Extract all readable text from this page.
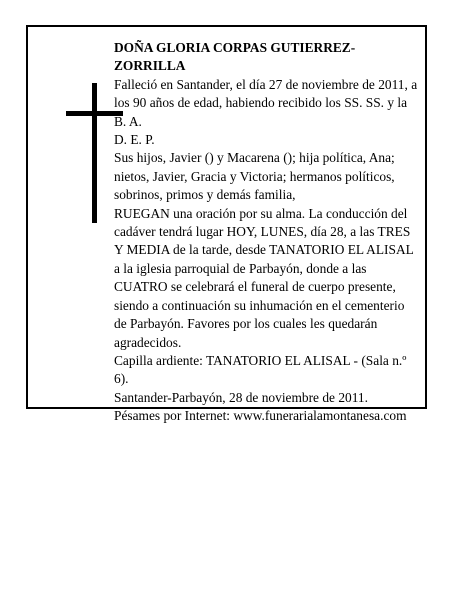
DOÑA GLORIA CORPAS GUTIERREZ-ZORRILLA

Falleció en Santander, el día 27 de noviembre de 2011, a los 90 años de edad, habiendo recibido los SS. SS. y la B. A.

D. E. P.

Sus hijos, Javier () y Macarena (); hija política, Ana; nietos, Javier, Gracia y Victoria; hermanos políticos, sobrinos, primos y demás familia,

RUEGAN una oración por su alma. La conducción del cadáver tendrá lugar HOY, LUNES, día 28, a las TRES Y MEDIA de la tarde, desde TANATORIO EL ALISAL a la iglesia parroquial de Parbayón, donde a las CUATRO se celebrará el funeral de cuerpo presente, siendo a continuación su inhumación en el cementerio de Parbayón. Favores por los cuales les quedarán agradecidos.

Capilla ardiente: TANATORIO EL ALISAL - (Sala n.º 6).

Santander-Parbayón, 28 de noviembre de 2011.

Pésames por Internet: www.funerarialamontanesa.com
